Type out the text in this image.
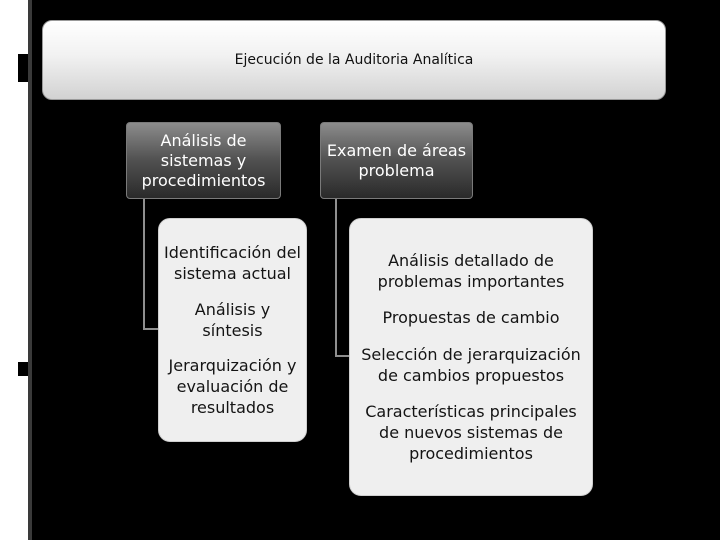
Ejecución de la Auditoria Analítica
Análisis de sistemas y procedimientos
Examen de áreas problema
Identificación del sistema actual
Análisis y síntesis
Jerarquización y evaluación de resultados
Análisis detallado de problemas importantes
Propuestas de cambio
Selección de jerarquización de cambios propuestos
Características principales de nuevos sistemas de procedimientos
